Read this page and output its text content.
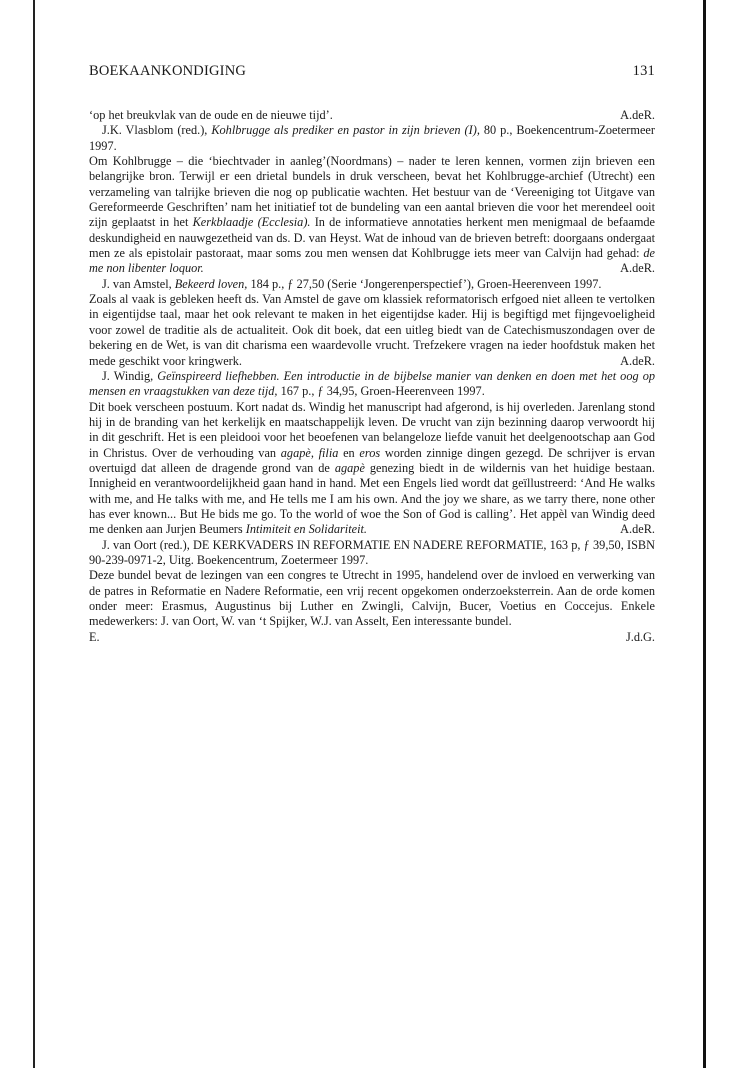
BOEKAANKONDIGING	131

‘op het breukvlak van de oude en de nieuwe tijd’.	A.deR.

J.K. Vlasblom (red.), Kohlbrugge als prediker en pastor in zijn brieven (I), 80 p., Boekencentrum-Zoetermeer 1997.

Om Kohlbrugge – die ‘biechtvader in aanleg’(Noordmans) – nader te leren kennen, vormen zijn brieven een belangrijke bron. Terwijl er een drietal bundels in druk verscheen, bevat het Kohlbrugge-archief (Utrecht) een verzameling van talrijke brieven die nog op publicatie wachten. Het bestuur van de ‘Vereeniging tot Uitgave van Gereformeerde Geschriften’ nam het initiatief tot de bundeling van een aantal brieven die voor het merendeel ooit zijn geplaatst in het Kerkblaadje (Ecclesia). In de informatieve annotaties herkent men menigmaal de befaamde deskundigheid en nauwgezetheid van ds. D. van Heyst. Wat de inhoud van de brieven betreft: doorgaans ondergaat men ze als epistolair pastoraat, maar soms zou men wensen dat Kohlbrugge iets meer van Calvijn had gehad: de me non libenter loquor.	A.deR.

J. van Amstel, Bekeerd loven, 184 p., ƒ 27,50 (Serie ‘Jongerenperspectief’), Groen-Heerenveen 1997.

Zoals al vaak is gebleken heeft ds. Van Amstel de gave om klassiek reformatorisch erfgoed niet alleen te vertolken in eigentijdse taal, maar het ook relevant te maken in het eigentijdse kader. Hij is begiftigd met fijngevoeligheid voor zowel de traditie als de actualiteit. Ook dit boek, dat een uitleg biedt van de Catechismuszondagen over de bekering en de Wet, is van dit charisma een waardevolle vrucht. Trefzekere vragen na ieder hoofdstuk maken het mede geschikt voor kringwerk.	A.deR.

J. Windig, Geïnspireerd liefhebben. Een introductie in de bijbelse manier van denken en doen met het oog op mensen en vraagstukken van deze tijd, 167 p., ƒ 34,95, Groen-Heerenveen 1997.

Dit boek verscheen postuum. Kort nadat ds. Windig het manuscript had afgerond, is hij overleden. Jarenlang stond hij in de branding van het kerkelijk en maatschappelijk leven. De vrucht van zijn bezinning daarop verwoordt hij in dit geschrift. Het is een pleidooi voor het beoefenen van belangeloze liefde vanuit het deelgenootschap aan God in Christus. Over de verhouding van agapè, filia en eros worden zinnige dingen gezegd. De schrijver is ervan overtuigd dat alleen de dragende grond van de agapè genezing biedt in de wildernis van het huidige bestaan. Innigheid en verantwoordelijkheid gaan hand in hand. Met een Engels lied wordt dat geïllustreerd: ‘And He walks with me, and He talks with me, and He tells me I am his own. And the joy we share, as we tarry there, none other has ever known... But He bids me go. To the world of woe the Son of God is calling’. Het appèl van Windig deed me denken aan Jurjen Beumers Intimiteit en Solidariteit.	A.deR.

J. van Oort (red.), DE KERKVADERS IN REFORMATIE EN NADERE REFORMATIE, 163 p, ƒ 39,50, ISBN 90-239-0971-2, Uitg. Boekencentrum, Zoetermeer 1997.

Deze bundel bevat de lezingen van een congres te Utrecht in 1995, handelend over de invloed en verwerking van de patres in Reformatie en Nadere Reformatie, een vrij recent opgekomen onderzoeksterrein. Aan de orde komen onder meer: Erasmus, Augustinus bij Luther en Zwingli, Calvijn, Bucer, Voetius en Coccejus. Enkele medewerkers: J. van Oort, W. van ‘t Spijker, W.J. van Asselt, Een interessante bundel.

E.	J.d.G.
